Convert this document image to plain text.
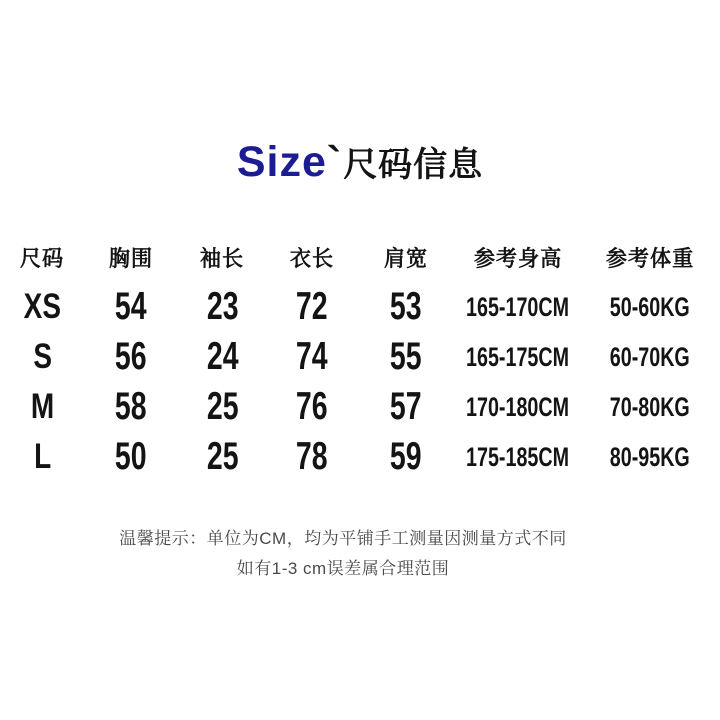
Size`尺码信息
尺码 胸围 袖长 衣长 肩宽 参考身高 参考体重
XS 54 23 72 53 165-170CM 50-60KG
S 56 24 74 55 165-175CM 60-70KG
M 58 25 76 57 170-180CM 70-80KG
L 50 25 78 59 175-185CM 80-95KG
温馨提示：单位为CM，均为平铺手工测量因测量方式不同
如有1-3 cm误差属合理范围
